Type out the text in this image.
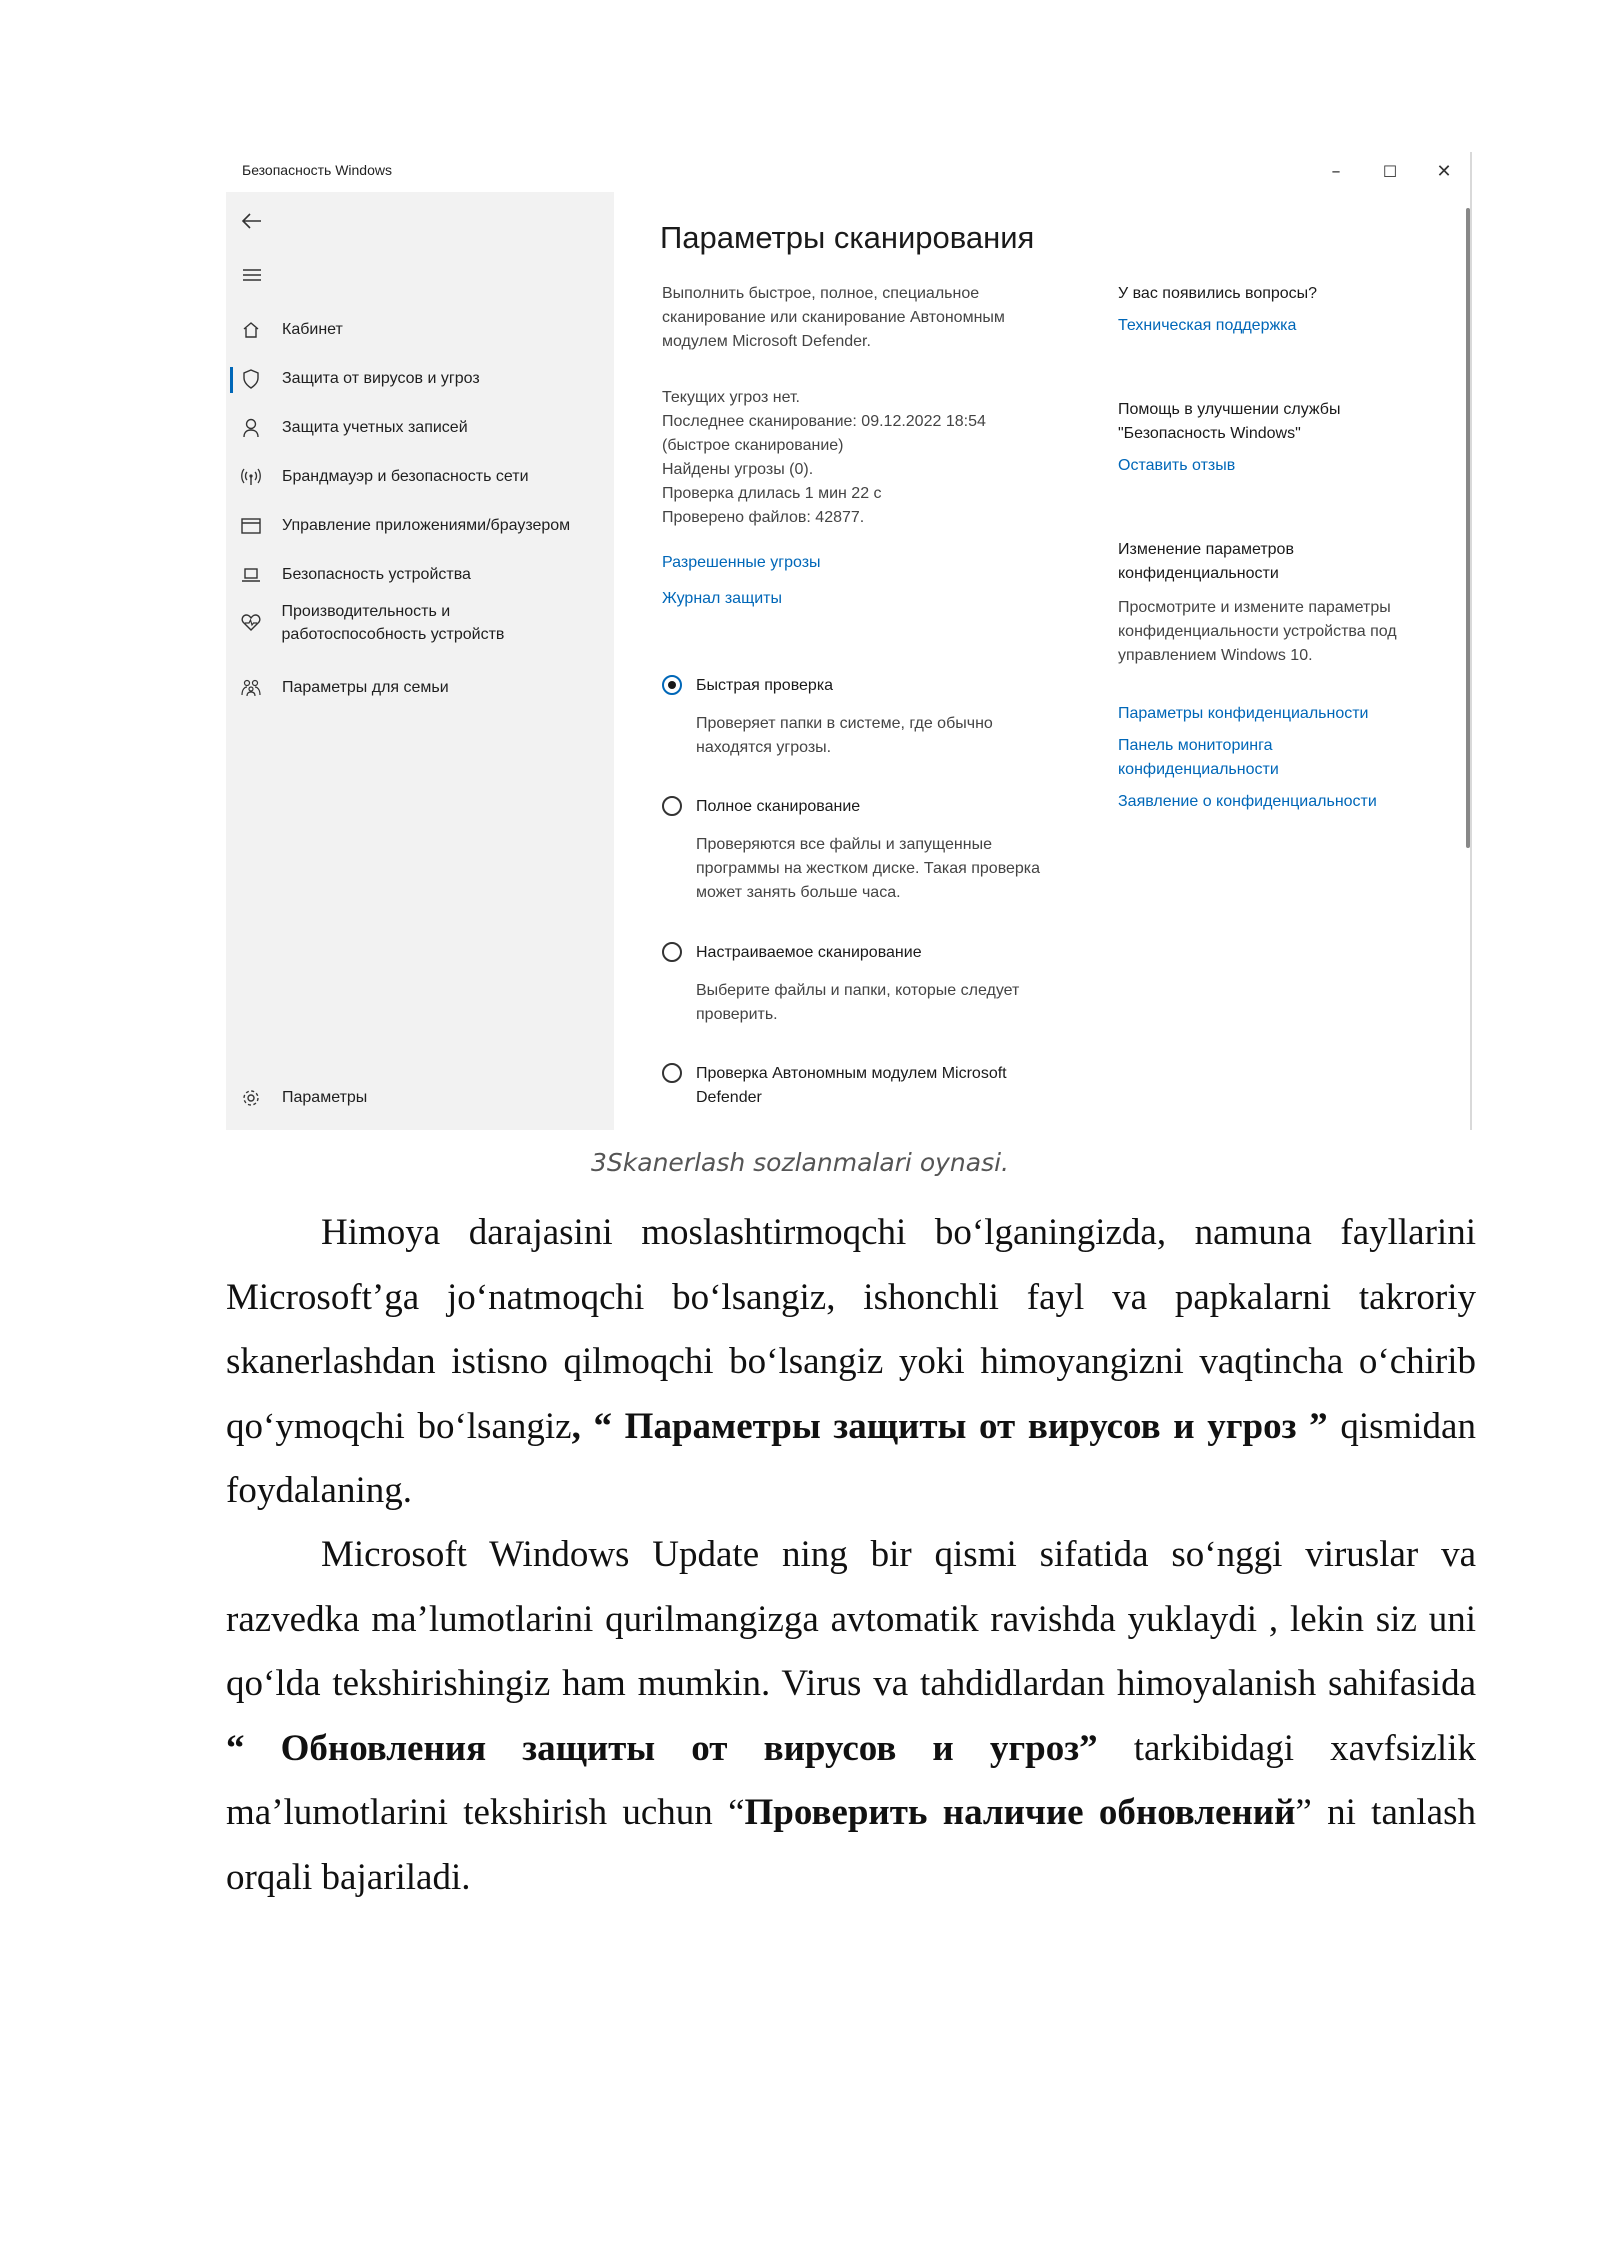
Безопасность Windows	–	☐	✕
Кабинет
Защита от вирусов и угроз
Защита учетных записей
Брандмауэр и безопасность сети
Управление приложениями/браузером
Безопасность устройства
Производительность и работоспособность устройств
Параметры для семьи
Параметры
Параметры сканирования
Выполнить быстрое, полное, специальное сканирование или сканирование Автономным модулем Microsoft Defender.
Текущих угроз нет.
Последнее сканирование: 09.12.2022 18:54
(быстрое сканирование)
Найдены угрозы (0).
Проверка длилась 1 мин 22 с
Проверено файлов: 42877.
Разрешенные угрозы
Журнал защиты
Быстрая проверка
Проверяет папки в системе, где обычно находятся угрозы.
Полное сканирование
Проверяются все файлы и запущенные программы на жестком диске. Такая проверка может занять больше часа.
Настраиваемое сканирование
Выберите файлы и папки, которые следует проверить.
Проверка Автономным модулем Microsoft Defender
У вас появились вопросы?
Техническая поддержка
Помощь в улучшении службы "Безопасность Windows"
Оставить отзыв
Изменение параметров конфиденциальности
Просмотрите и измените параметры конфиденциальности устройства под управлением Windows 10.
Параметры конфиденциальности
Панель мониторинга конфиденциальности
Заявление о конфиденциальности
3Skanerlash sozlanmalari oynasi.

Himoya darajasini moslashtirmoqchi bo‘lganingizda, namuna fayllarini Microsoft’ga jo‘natmoqchi bo‘lsangiz, ishonchli fayl va papkalarni takroriy skanerlashdan istisno qilmoqchi bo‘lsangiz yoki himoyangizni vaqtincha o‘chirib qo‘ymoqchi bo‘lsangiz, “ Параметры защиты от вирусов и угроз ” qismidan foydalaning.

Microsoft Windows Update ning bir qismi sifatida so‘nggi viruslar va razvedka ma’lumotlarini qurilmangizga avtomatik ravishda yuklaydi , lekin siz uni qo‘lda tekshirishingiz ham mumkin. Virus va tahdidlardan himoyalanish sahifasida “ Обновления защиты от вирусов и угроз” tarkibidagi xavfsizlik ma’lumotlarini tekshirish uchun “Проверить наличие обновлений” ni tanlash orqali bajariladi.
